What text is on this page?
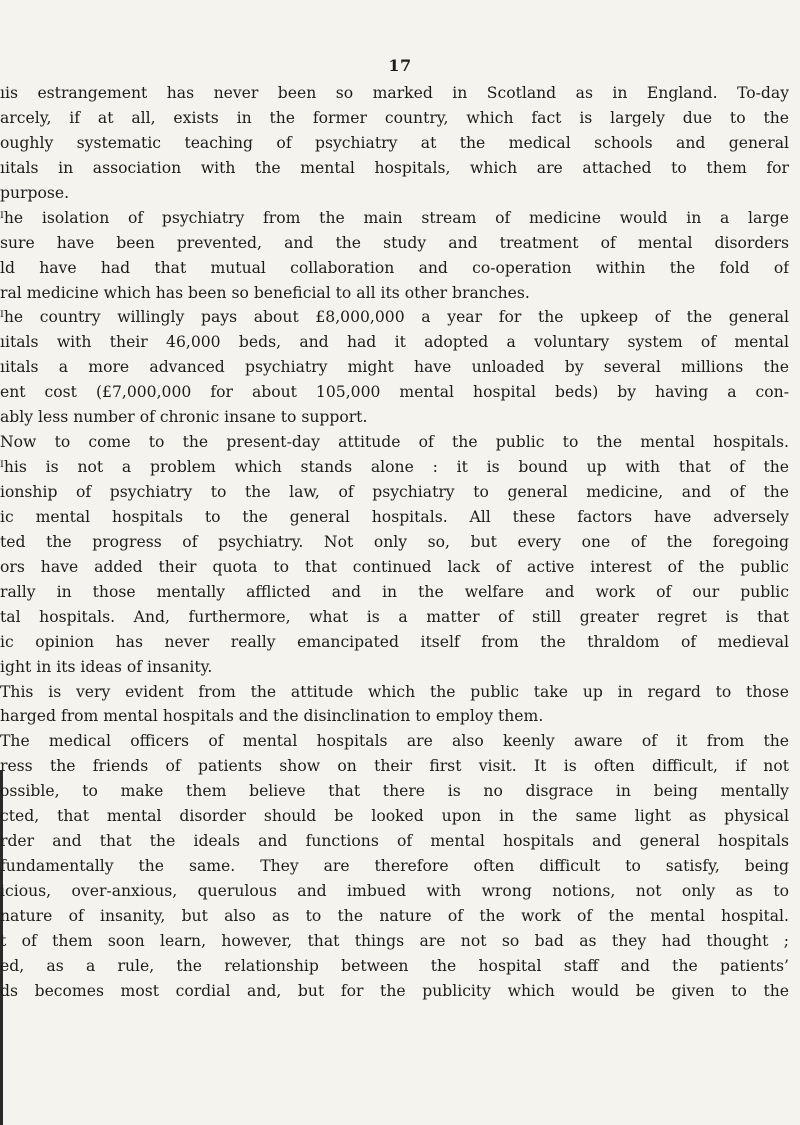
17
ıis estrangement has never been so marked in Scotland as in England. To-day
arcely, if at all, exists in the former country, which fact is largely due to the
oughly systematic teaching of psychiatry at the medical schools and general
ıitals in association with the mental hospitals, which are attached to them for
purpose.
ᴵhe isolation of psychiatry from the main stream of medicine would in a large
sure have been prevented, and the study and treatment of mental disorders
ld have had that mutual collaboration and co-operation within the fold of
ral medicine which has been so beneficial to all its other branches.
ᴵhe country willingly pays about £8,000,000 a year for the upkeep of the general
ıitals with their 46,000 beds, and had it adopted a voluntary system of mental
ıitals a more advanced psychiatry might have unloaded by several millions the
ent cost (£7,000,000 for about 105,000 mental hospital beds) by having a con-
ably less number of chronic insane to support.
Now to come to the present-day attitude of the public to the mental hospitals.
ᴵhis is not a problem which stands alone : it is bound up with that of the
ionship of psychiatry to the law, of psychiatry to general medicine, and of the
ic mental hospitals to the general hospitals. All these factors have adversely
ted the progress of psychiatry. Not only so, but every one of the foregoing
ors have added their quota to that continued lack of active interest of the public
rally in those mentally afflicted and in the welfare and work of our public
tal hospitals. And, furthermore, what is a matter of still greater regret is that
ic opinion has never really emancipated itself from the thraldom of medieval
ight in its ideas of insanity.
This is very evident from the attitude which the public take up in regard to those
harged from mental hospitals and the disinclination to employ them.
The medical officers of mental hospitals are also keenly aware of it from the
ress the friends of patients show on their first visit. It is often difficult, if not
ossible, to make them believe that there is no disgrace in being mentally
cted, that mental disorder should be looked upon in the same light as physical
rder and that the ideals and functions of mental hospitals and general hospitals
fundamentally the same. They are therefore often difficult to satisfy, being
icious, over-anxious, querulous and imbued with wrong notions, not only as to
nature of insanity, but also as to the nature of the work of the mental hospital.
t of them soon learn, however, that things are not so bad as they had thought ;
ed, as a rule, the relationship between the hospital staff and the patients’
ds becomes most cordial and, but for the publicity which would be given to the
